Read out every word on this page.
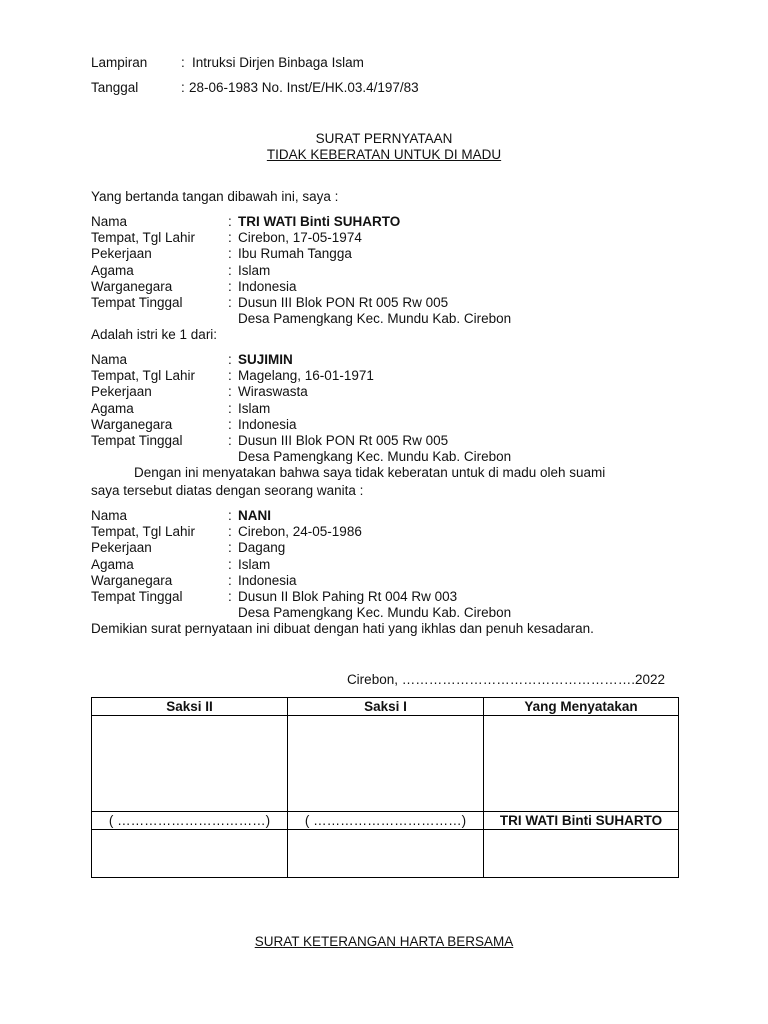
Lampiran : Intruksi Dirjen Binbaga Islam
Tanggal	: 28-06-1983 No. Inst/E/HK.03.4/197/83
SURAT PERNYATAAN
TIDAK KEBERATAN UNTUK DI MADU
Yang bertanda tangan dibawah ini, saya :
Nama	: TRI WATI Binti SUHARTO
Tempat, Tgl Lahir : Cirebon, 17-05-1974
Pekerjaan	: Ibu Rumah Tangga
Agama	: Islam
Warganegara	: Indonesia
Tempat Tinggal	: Dusun III Blok PON Rt 005 Rw 005
Desa Pamengkang Kec. Mundu Kab. Cirebon
Adalah istri ke 1 dari:
Nama	: SUJIMIN
Tempat, Tgl Lahir : Magelang, 16-01-1971
Pekerjaan	: Wiraswasta
Agama	: Islam
Warganegara	: Indonesia
Tempat Tinggal	: Dusun III Blok PON Rt 005 Rw 005
Desa Pamengkang Kec. Mundu Kab. Cirebon
Dengan ini menyatakan bahwa saya tidak keberatan untuk di madu oleh suami
saya tersebut diatas dengan seorang wanita :
Nama	: NANI
Tempat, Tgl Lahir : Cirebon, 24-05-1986
Pekerjaan	: Dagang
Agama	: Islam
Warganegara	: Indonesia
Tempat Tinggal	: Dusun II Blok Pahing Rt 004 Rw 003
Desa Pamengkang Kec. Mundu Kab. Cirebon
Demikian surat pernyataan ini dibuat dengan hati yang ikhlas dan penuh kesadaran.
Cirebon, …………………………………………….2022
Saksi II	Saksi I	Yang Menyatakan

( ……………………………)	( ……………………………)	TRI WATI Binti SUHARTO

SURAT KETERANGAN HARTA BERSAMA
